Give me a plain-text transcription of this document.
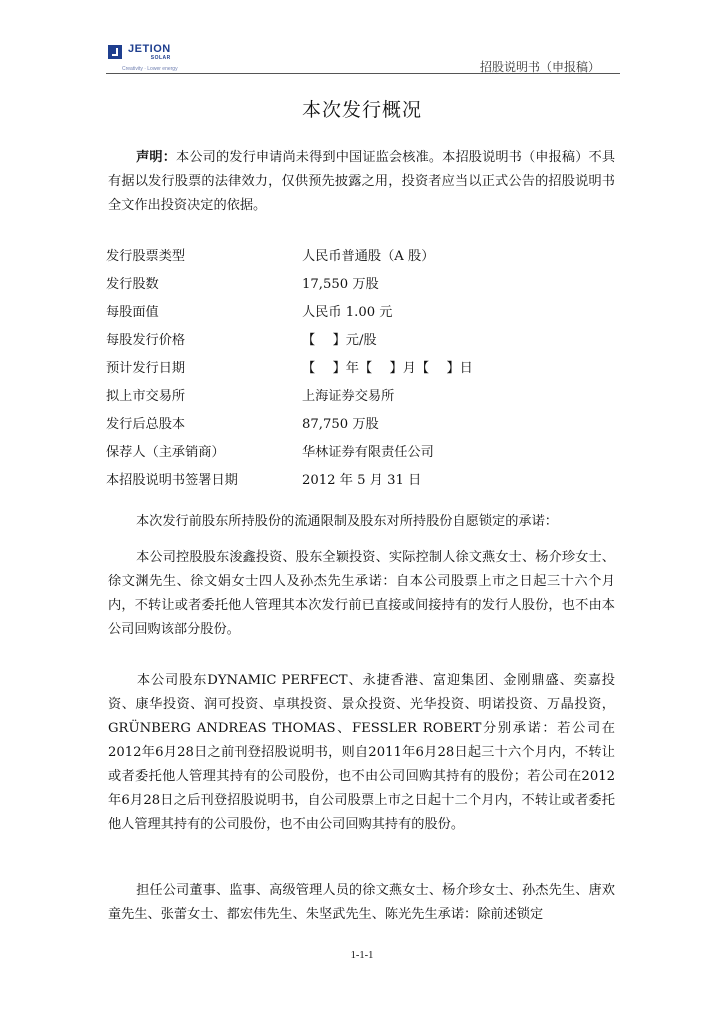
JETION
SOLAR
Creativity · Lower energy	招股说明书（申报稿）
本次发行概况
声明：本公司的发行申请尚未得到中国证监会核准。本招股说明书（申报稿）不具有据以发行股票的法律效力，仅供预先披露之用，投资者应当以正式公告的招股说明书全文作出投资决定的依据。
发行股票类型	人民币普通股（A 股）
发行股数	17,550 万股
每股面值	人民币 1.00 元
每股发行价格	【　 】元/股
预计发行日期	【　 】年【　 】月【　 】日
拟上市交易所	上海证券交易所
发行后总股本	87,750 万股
保荐人（主承销商）	华林证券有限责任公司
本招股说明书签署日期	2012 年 5 月 31 日
本次发行前股东所持股份的流通限制及股东对所持股份自愿锁定的承诺：
本公司控股股东浚鑫投资、股东全颖投资、实际控制人徐文燕女士、杨介珍女士、徐文渊先生、徐文娟女士四人及孙杰先生承诺：自本公司股票上市之日起三十六个月内，不转让或者委托他人管理其本次发行前已直接或间接持有的发行人股份，也不由本公司回购该部分股份。
本公司股东DYNAMIC PERFECT、永捷香港、富迎集团、金刚鼎盛、奕嘉投资、康华投资、润可投资、卓琪投资、景众投资、光华投资、明诺投资、万晶投资，GRÜNBERG ANDREAS THOMAS、FESSLER ROBERT分别承诺：若公司在2012年6月28日之前刊登招股说明书，则自2011年6月28日起三十六个月内，不转让或者委托他人管理其持有的公司股份，也不由公司回购其持有的股份；若公司在2012年6月28日之后刊登招股说明书，自公司股票上市之日起十二个月内，不转让或者委托他人管理其持有的公司股份，也不由公司回购其持有的股份。
担任公司董事、监事、高级管理人员的徐文燕女士、杨介珍女士、孙杰先生、唐欢童先生、张蕾女士、都宏伟先生、朱坚武先生、陈光先生承诺：除前述锁定
1-1-1
